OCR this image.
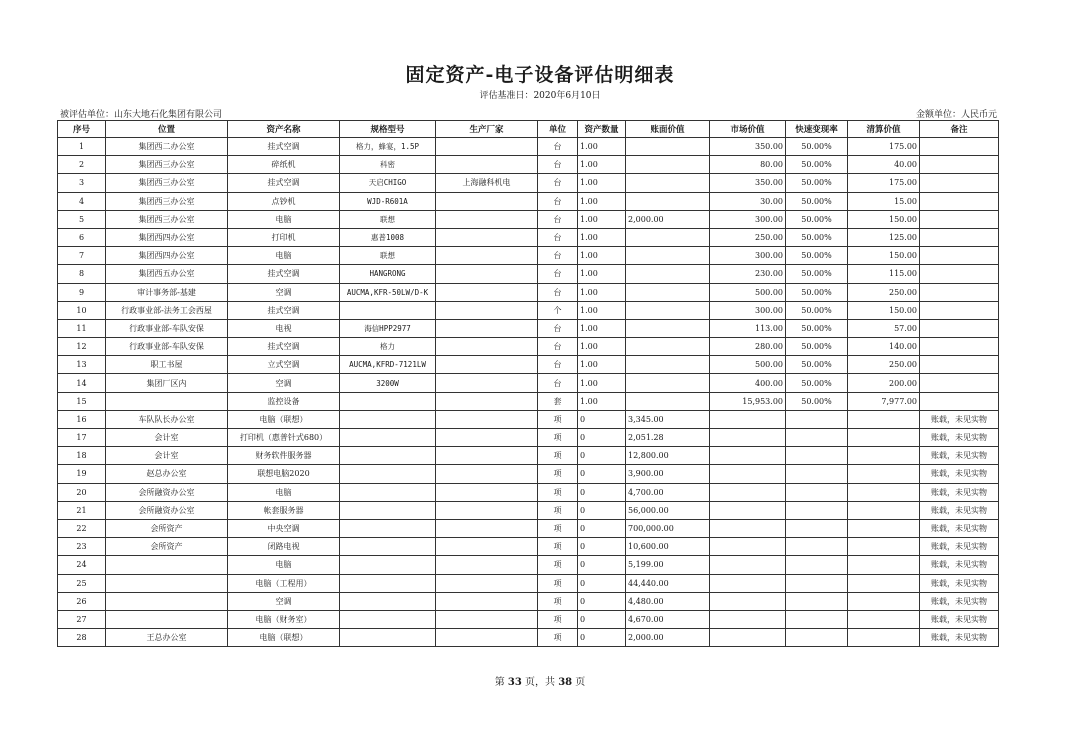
固定资产-电子设备评估明细表
评估基准日：2020年6月10日
被评估单位：山东大地石化集团有限公司	金额单位：人民币元
序号	位置	资产名称	规格型号	生产厂家	单位	资产数量	账面价值	市场价值	快速变现率	清算价值	备注
1	集团西二办公室	挂式空调	格力，蜂宴，1.5P		台	1.00		350.00	50.00%	175.00	
2	集团西三办公室	碎纸机	科密		台	1.00		80.00	50.00%	40.00	
3	集团西三办公室	挂式空调	天启CHIGO	上海融科机电	台	1.00		350.00	50.00%	175.00	
4	集团西三办公室	点钞机	WJD-R601A		台	1.00		30.00	50.00%	15.00	
5	集团西三办公室	电脑	联想		台	1.00	2,000.00	300.00	50.00%	150.00	
6	集团西四办公室	打印机	惠普1008		台	1.00		250.00	50.00%	125.00	
7	集团西四办公室	电脑	联想		台	1.00		300.00	50.00%	150.00	
8	集团西五办公室	挂式空调	HANGRONG		台	1.00		230.00	50.00%	115.00	
9	审计事务部-基建	空调	AUCMA,KFR-50LW/D-K		台	1.00		500.00	50.00%	250.00	
10	行政事业部-法务工会西屋	挂式空调			个	1.00		300.00	50.00%	150.00	
11	行政事业部-车队安保	电视	海信HPP2977		台	1.00		113.00	50.00%	57.00	
12	行政事业部-车队安保	挂式空调	格力		台	1.00		280.00	50.00%	140.00	
13	职工书屋	立式空调	AUCMA,KFRD-7121LW		台	1.00		500.00	50.00%	250.00	
14	集团厂区内	空调	3200W		台	1.00		400.00	50.00%	200.00	
15		监控设备			套	1.00		15,953.00	50.00%	7,977.00	
16	车队队长办公室	电脑（联想）			项	0	3,345.00				账载，未见实物
17	会计室	打印机（惠普针式680）			项	0	2,051.28				账载，未见实物
18	会计室	财务软件服务器			项	0	12,800.00				账载，未见实物
19	赵总办公室	联想电脑2020			项	0	3,900.00				账载，未见实物
20	会所融资办公室	电脑			项	0	4,700.00				账载，未见实物
21	会所融资办公室	帐套服务器			项	0	56,000.00				账载，未见实物
22	会所资产	中央空调			项	0	700,000.00				账载，未见实物
23	会所资产	闭路电视			项	0	10,600.00				账载，未见实物
24		电脑			项	0	5,199.00				账载，未见实物
25		电脑（工程用）			项	0	44,440.00				账载，未见实物
26		空调			项	0	4,480.00				账载，未见实物
27		电脑（财务室）			项	0	4,670.00				账载，未见实物
28	王总办公室	电脑（联想）			项	0	2,000.00				账载，未见实物
第 33 页，共 38 页
